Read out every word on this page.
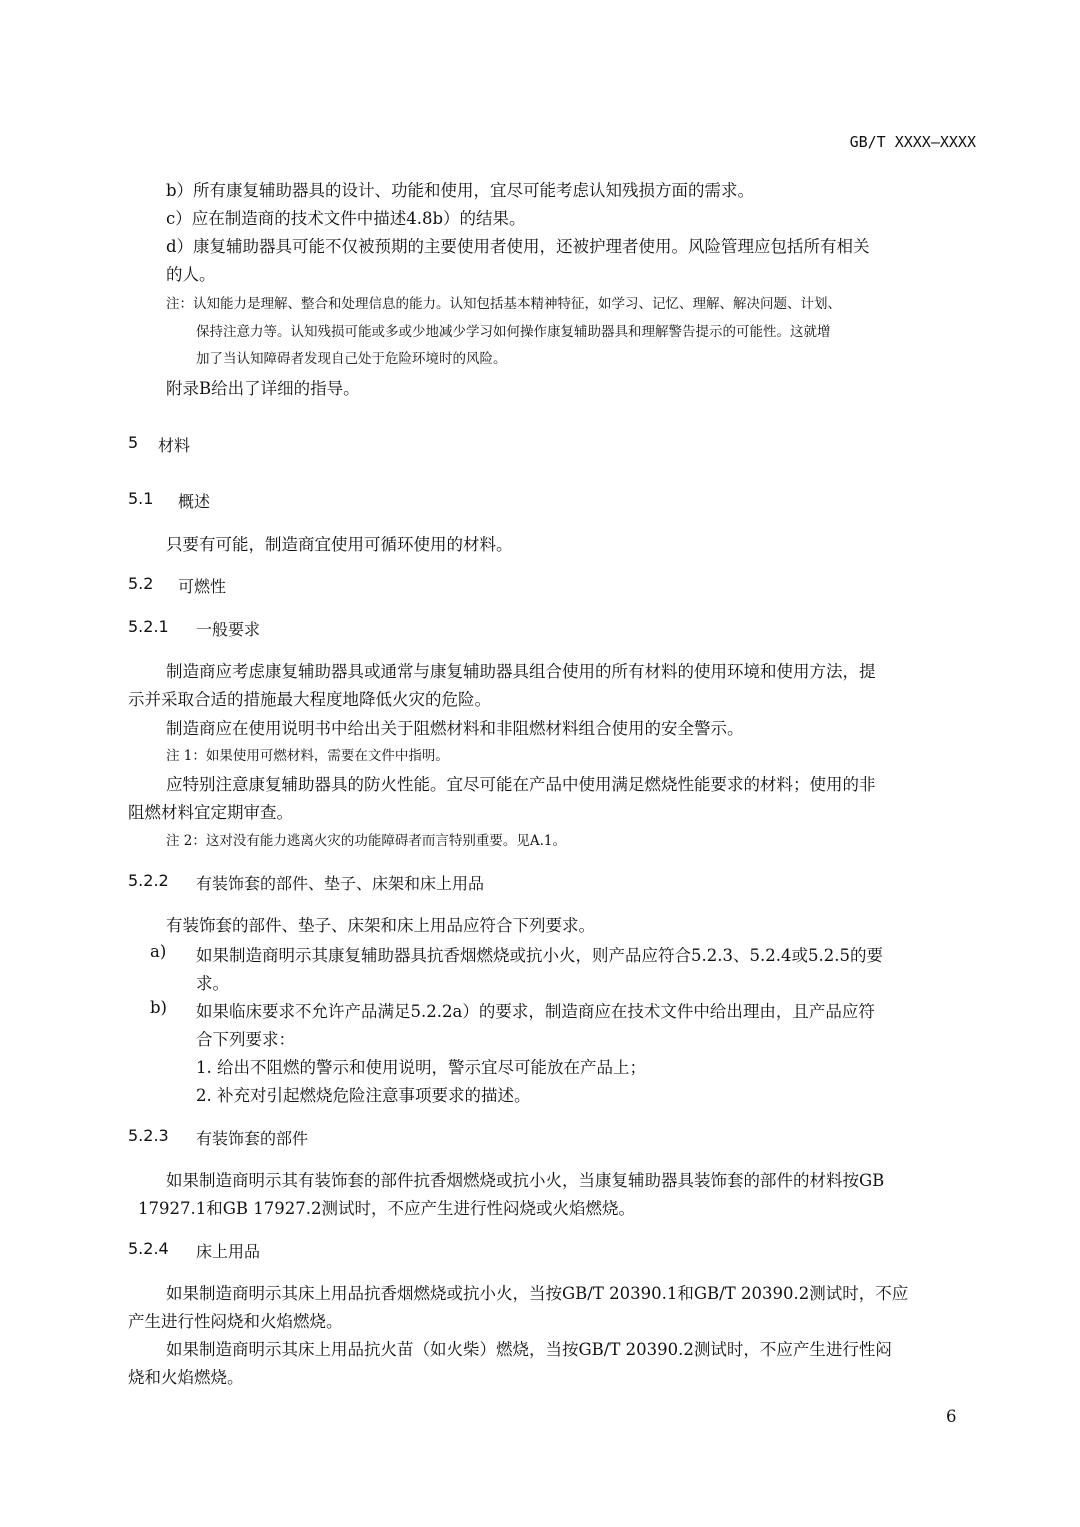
GB/T XXXX—XXXX
b）所有康复辅助器具的设计、功能和使用，宜尽可能考虑认知残损方面的需求。
c）应在制造商的技术文件中描述4.8b）的结果。
d）康复辅助器具可能不仅被预期的主要使用者使用，还被护理者使用。风险管理应包括所有相关
的人。
注：认知能力是理解、整合和处理信息的能力。认知包括基本精神特征，如学习、记忆、理解、解决问题、计划、
保持注意力等。认知残损可能或多或少地减少学习如何操作康复辅助器具和理解警告提示的可能性。这就增
加了当认知障碍者发现自己处于危险环境时的风险。
附录B给出了详细的指导。
5 材料
5.1 概述
只要有可能，制造商宜使用可循环使用的材料。
5.2 可燃性
5.2.1 一般要求
制造商应考虑康复辅助器具或通常与康复辅助器具组合使用的所有材料的使用环境和使用方法，提
示并采取合适的措施最大程度地降低火灾的危险。
制造商应在使用说明书中给出关于阻燃材料和非阻燃材料组合使用的安全警示。
注 1：如果使用可燃材料，需要在文件中指明。
应特别注意康复辅助器具的防火性能。宜尽可能在产品中使用满足燃烧性能要求的材料；使用的非
阻燃材料宜定期审查。
注 2：这对没有能力逃离火灾的功能障碍者而言特别重要。见A.1。
5.2.2 有装饰套的部件、垫子、床架和床上用品
有装饰套的部件、垫子、床架和床上用品应符合下列要求。
a) 如果制造商明示其康复辅助器具抗香烟燃烧或抗小火，则产品应符合5.2.3、5.2.4或5.2.5的要
求。
b) 如果临床要求不允许产品满足5.2.2a）的要求，制造商应在技术文件中给出理由，且产品应符
合下列要求：
1. 给出不阻燃的警示和使用说明，警示宜尽可能放在产品上；
2. 补充对引起燃烧危险注意事项要求的描述。
5.2.3 有装饰套的部件
如果制造商明示其有装饰套的部件抗香烟燃烧或抗小火，当康复辅助器具装饰套的部件的材料按GB
17927.1和GB 17927.2测试时，不应产生进行性闷烧或火焰燃烧。
5.2.4 床上用品
如果制造商明示其床上用品抗香烟燃烧或抗小火，当按GB/T 20390.1和GB/T 20390.2测试时，不应
产生进行性闷烧和火焰燃烧。
如果制造商明示其床上用品抗火苗（如火柴）燃烧，当按GB/T 20390.2测试时，不应产生进行性闷
烧和火焰燃烧。
6
